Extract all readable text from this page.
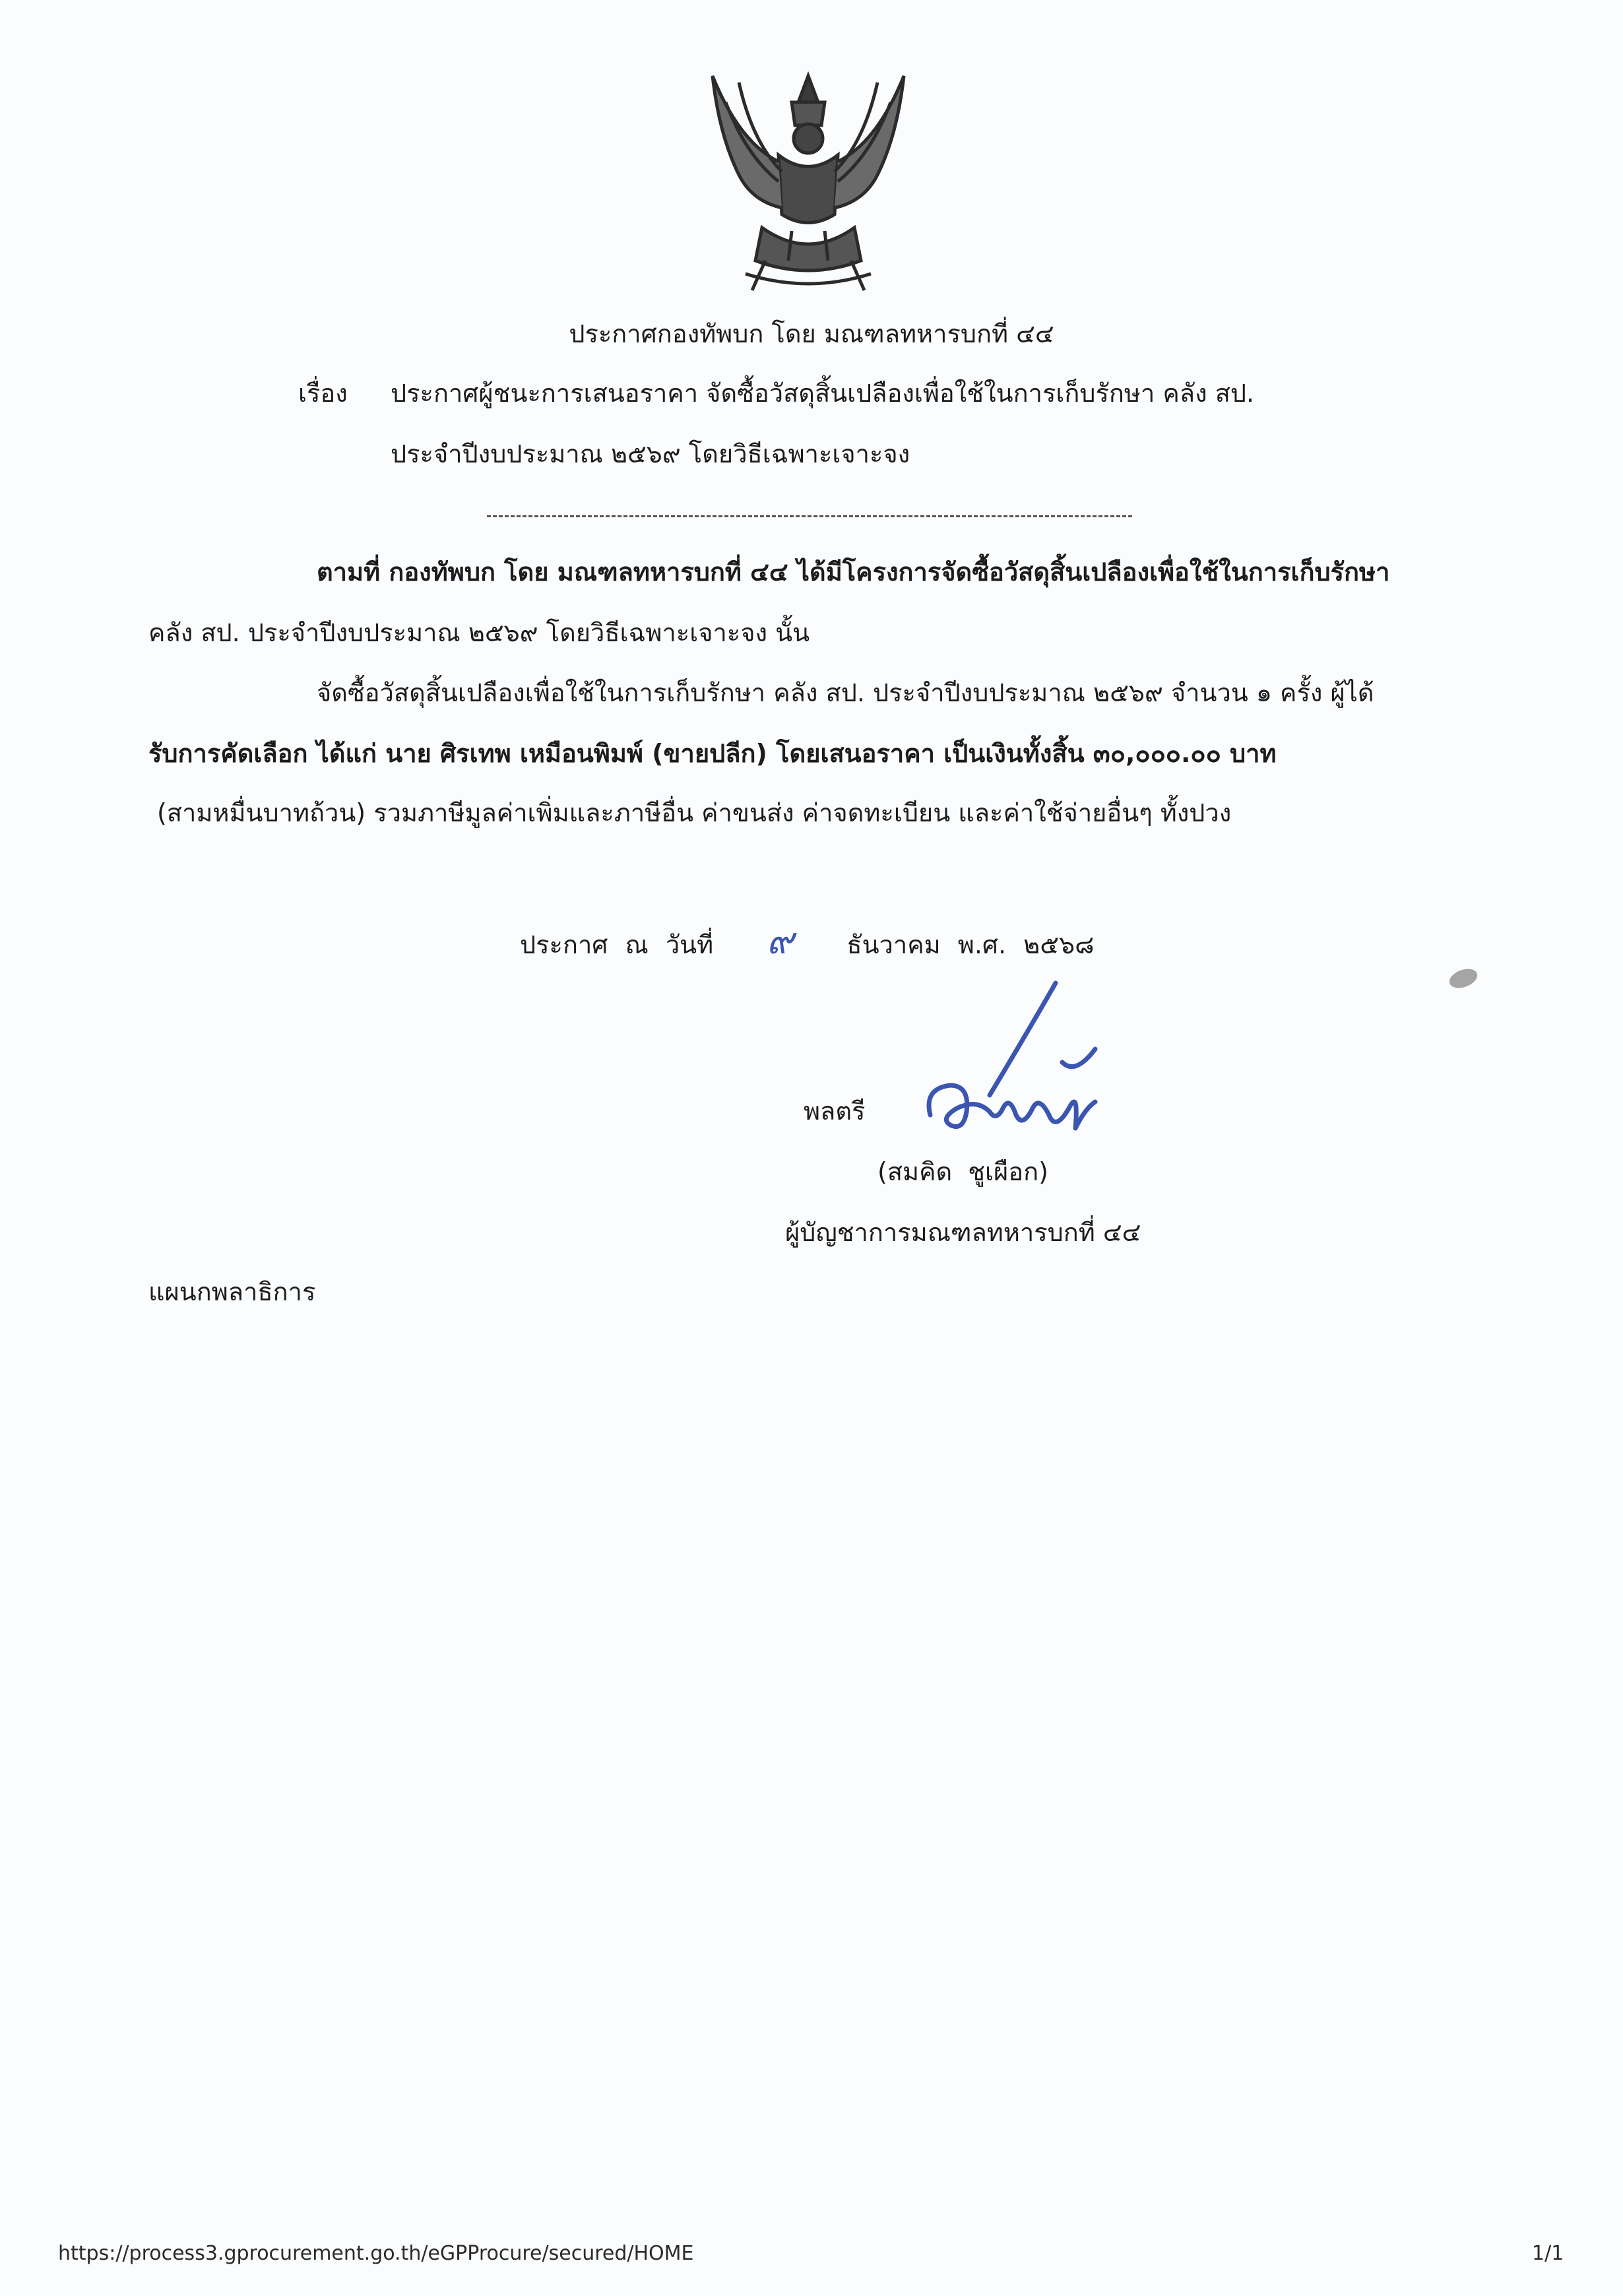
ประกาศกองทัพบก โดย มณฑลทหารบกที่ ๔๔
เรื่อง ประกาศผู้ชนะการเสนอราคา จัดซื้อวัสดุสิ้นเปลืองเพื่อใช้ในการเก็บรักษา คลัง สป.
ประจำปีงบประมาณ ๒๕๖๙ โดยวิธีเฉพาะเจาะจง
ตามที่ กองทัพบก โดย มณฑลทหารบกที่ ๔๔ ได้มีโครงการจัดซื้อวัสดุสิ้นเปลืองเพื่อใช้ในการเก็บรักษา
คลัง สป. ประจำปีงบประมาณ ๒๕๖๙ โดยวิธีเฉพาะเจาะจง นั้น
จัดซื้อวัสดุสิ้นเปลืองเพื่อใช้ในการเก็บรักษา คลัง สป. ประจำปีงบประมาณ ๒๕๖๙ จำนวน ๑ ครั้ง ผู้ได้
รับการคัดเลือก ได้แก่ นาย ศิรเทพ เหมือนพิมพ์ (ขายปลีก) โดยเสนอราคา เป็นเงินทั้งสิ้น ๓๐,๐๐๐.๐๐ บาท
(สามหมื่นบาทถ้วน) รวมภาษีมูลค่าเพิ่มและภาษีอื่น ค่าขนส่ง ค่าจดทะเบียน และค่าใช้จ่ายอื่นๆ ทั้งปวง
ประกาศ ณ วันที่ ๙ ธันวาคม พ.ศ. ๒๕๖๘
พลตรี
(สมคิด ชูเผือก)
ผู้บัญชาการมณฑลทหารบกที่ ๔๔
แผนกพลาธิการ
https://process3.gprocurement.go.th/eGPProcure/secured/HOME	1/1
